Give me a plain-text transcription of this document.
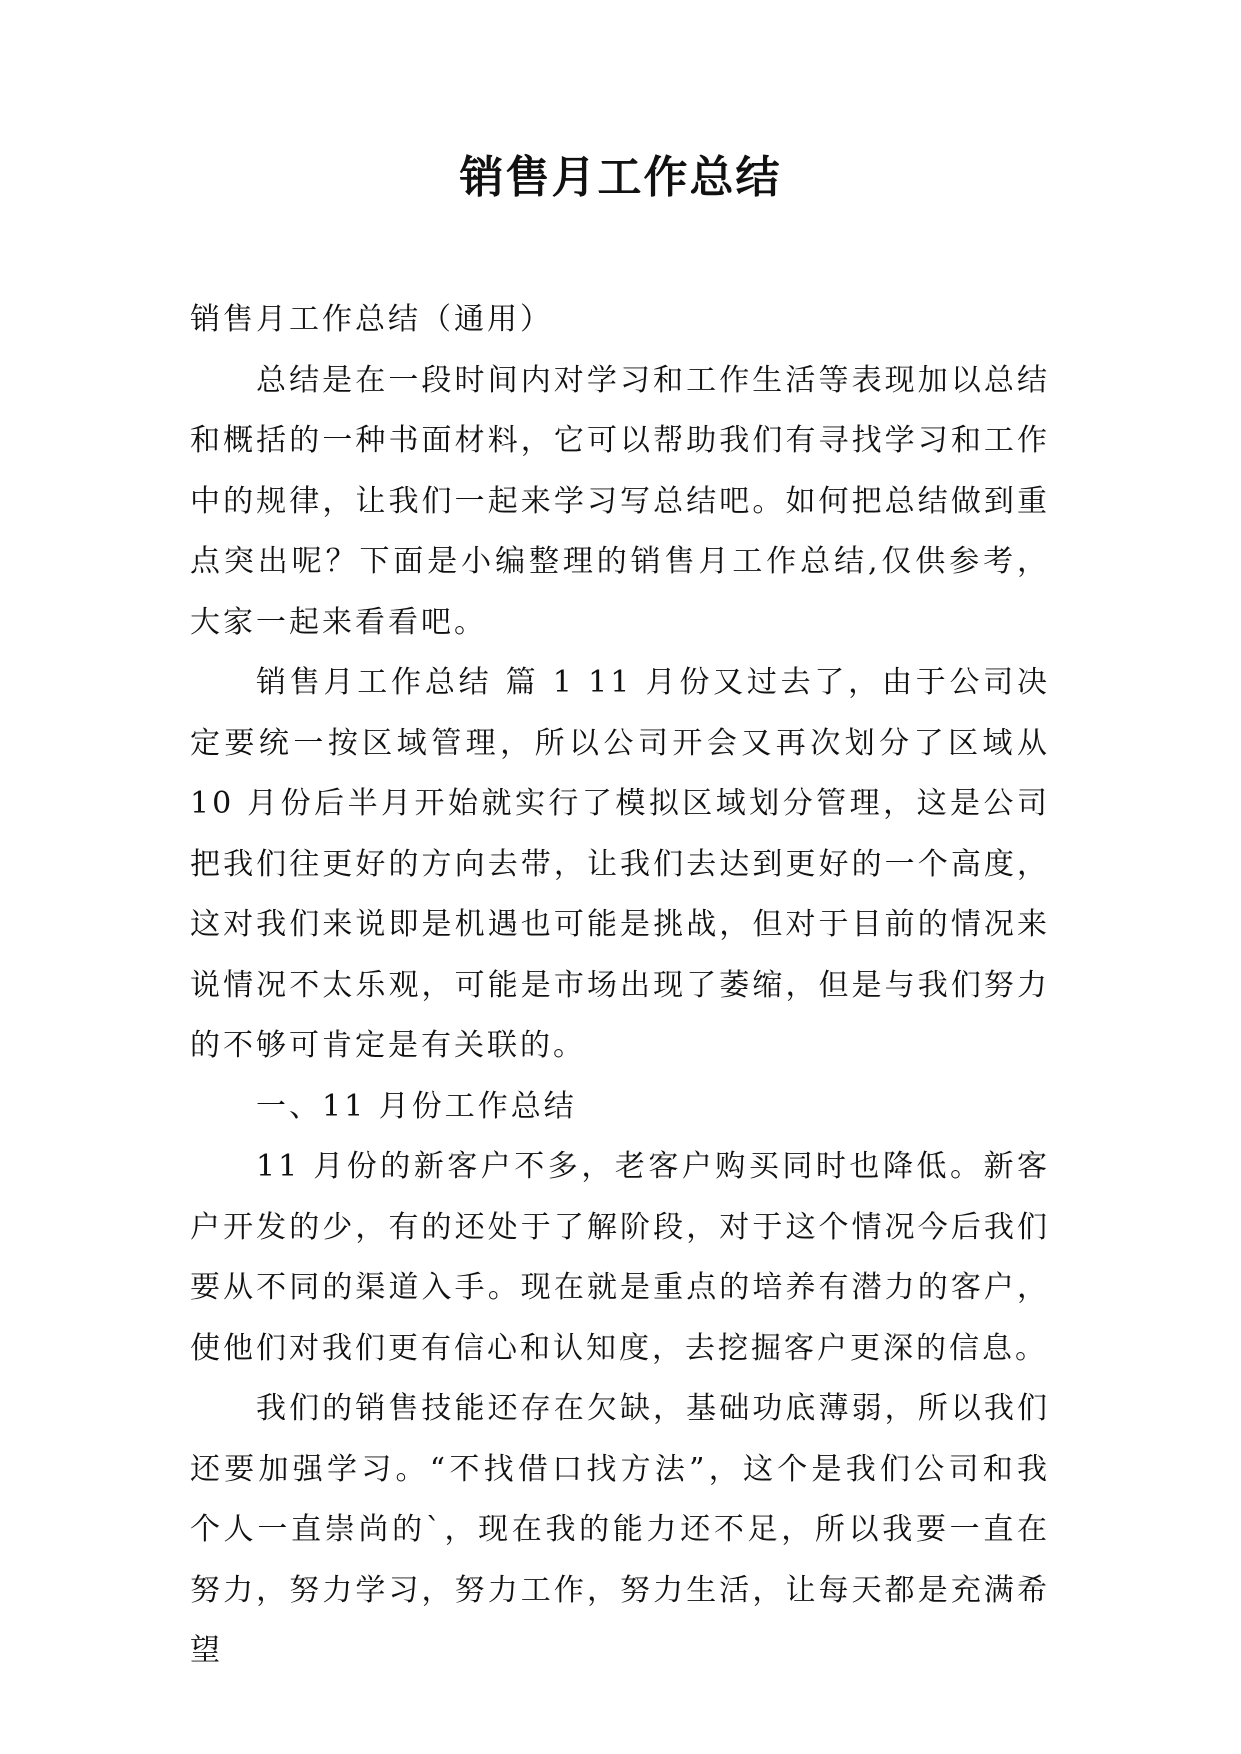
销售月工作总结

销售月工作总结（通用）

总结是在一段时间内对学习和工作生活等表现加以总结和概括的一种书面材料，它可以帮助我们有寻找学习和工作中的规律，让我们一起来学习写总结吧。如何把总结做到重点突出呢？下面是小编整理的销售月工作总结,仅供参考，大家一起来看看吧。

销售月工作总结 篇 1 11 月份又过去了，由于公司决定要统一按区域管理，所以公司开会又再次划分了区域从 10 月份后半月开始就实行了模拟区域划分管理，这是公司把我们往更好的方向去带，让我们去达到更好的一个高度，这对我们来说即是机遇也可能是挑战，但对于目前的情况来说情况不太乐观，可能是市场出现了萎缩，但是与我们努力的不够可肯定是有关联的。

一、11 月份工作总结

11 月份的新客户不多，老客户购买同时也降低。新客户开发的少，有的还处于了解阶段，对于这个情况今后我们要从不同的渠道入手。现在就是重点的培养有潜力的客户，使他们对我们更有信心和认知度，去挖掘客户更深的信息。

我们的销售技能还存在欠缺，基础功底薄弱，所以我们还要加强学习。“不找借口找方法”，这个是我们公司和我个人一直崇尚的`，现在我的能力还不足，所以我要一直在努力，努力学习，努力工作，努力生活，让每天都是充满希望
